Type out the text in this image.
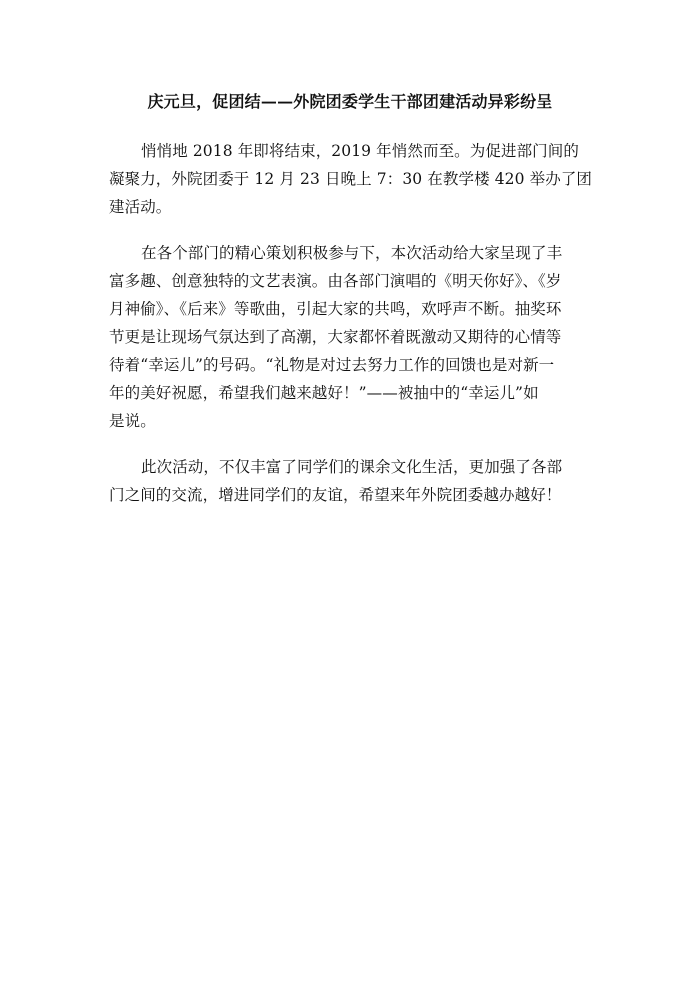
庆元旦，促团结——外院团委学生干部团建活动异彩纷呈

悄悄地 2018 年即将结束，2019 年悄然而至。为促进部门间的
凝聚力，外院团委于 12 月 23 日晚上 7：30 在教学楼 420 举办了团
建活动。

在各个部门的精心策划积极参与下，本次活动给大家呈现了丰
富多趣、创意独特的文艺表演。由各部门演唱的《明天你好》、《岁
月神偷》、《后来》等歌曲，引起大家的共鸣，欢呼声不断。抽奖环
节更是让现场气氛达到了高潮，大家都怀着既激动又期待的心情等
待着“幸运儿”的号码。“礼物是对过去努力工作的回馈也是对新一
年的美好祝愿，希望我们越来越好！”——被抽中的“幸运儿”如
是说。

此次活动，不仅丰富了同学们的课余文化生活，更加强了各部
门之间的交流，增进同学们的友谊，希望来年外院团委越办越好！
